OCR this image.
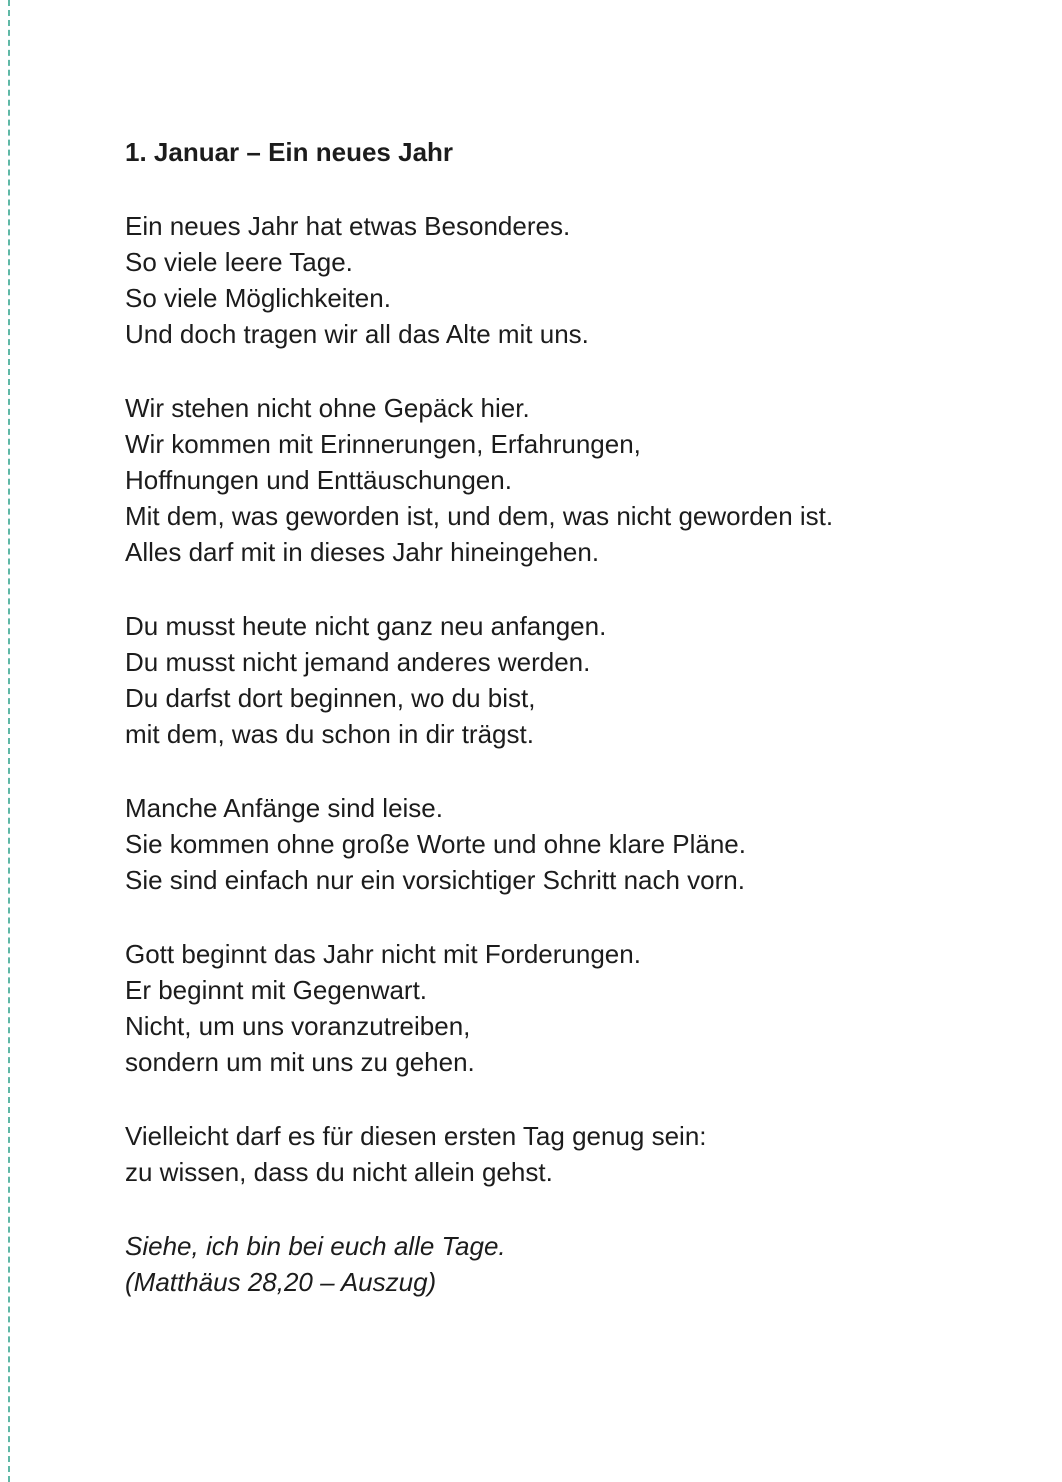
1. Januar – Ein neues Jahr
Ein neues Jahr hat etwas Besonderes.
So viele leere Tage.
So viele Möglichkeiten.
Und doch tragen wir all das Alte mit uns.
Wir stehen nicht ohne Gepäck hier.
Wir kommen mit Erinnerungen, Erfahrungen,
Hoffnungen und Enttäuschungen.
Mit dem, was geworden ist, und dem, was nicht geworden ist.
Alles darf mit in dieses Jahr hineingehen.
Du musst heute nicht ganz neu anfangen.
Du musst nicht jemand anderes werden.
Du darfst dort beginnen, wo du bist,
mit dem, was du schon in dir trägst.
Manche Anfänge sind leise.
Sie kommen ohne große Worte und ohne klare Pläne.
Sie sind einfach nur ein vorsichtiger Schritt nach vorn.
Gott beginnt das Jahr nicht mit Forderungen.
Er beginnt mit Gegenwart.
Nicht, um uns voranzutreiben,
sondern um mit uns zu gehen.
Vielleicht darf es für diesen ersten Tag genug sein:
zu wissen, dass du nicht allein gehst.
Siehe, ich bin bei euch alle Tage.
(Matthäus 28,20 – Auszug)
